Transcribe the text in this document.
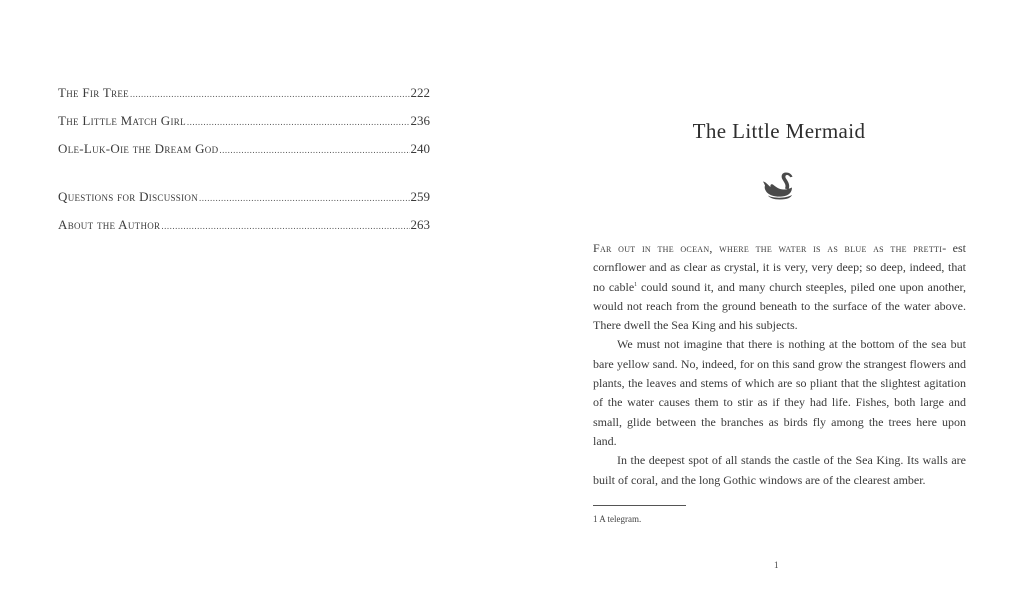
The Fir Tree .....	222
The Little Match Girl .....	236
Ole-Luk-Oie the Dream God .....	240
Questions for Discussion .....	259
About the Author .....	263
The Little Mermaid

Far out in the ocean, where the water is as blue as the pretti- est cornflower and as clear as crystal, it is very, very deep; so deep, indeed, that no cable$^1$ could sound it, and many church steeples, piled one upon another, would not reach from the ground beneath to the surface of the water above. There dwell the Sea King and his subjects.

We must not imagine that there is nothing at the bottom of the sea but bare yellow sand. No, indeed, for on this sand grow the strangest flowers and plants, the leaves and stems of which are so pliant that the slightest agitation of the water causes them to stir as if they had life. Fishes, both large and small, glide between the branches as birds fly among the trees here upon land.

In the deepest spot of all stands the castle of the Sea King. Its walls are built of coral, and the long Gothic windows are of the clearest amber.

1 A telegram.
1
